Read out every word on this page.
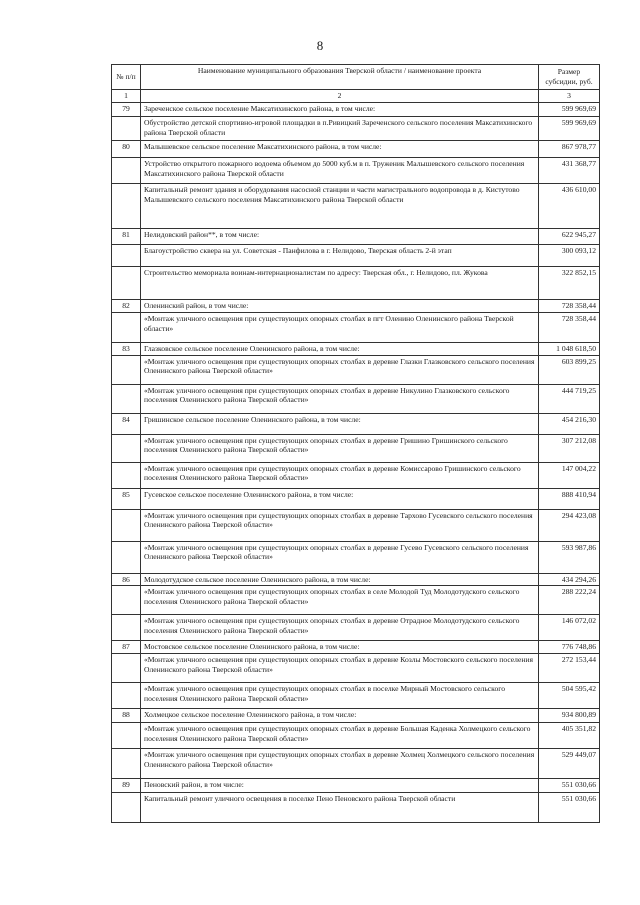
8
№ п/п	Наименование муниципального образования Тверской области / наименование проекта	Размер субсидии, руб.
1	2	3
79	Зареченское сельское поселение Максатихинского района, в том числе:	599 969,69
	Обустройство детской спортивно-игровой площадки в п.Ривицкий Зареченского сельского поселения Максатихинского района Тверской области	599 969,69
80	Малышевское сельское поселение Максатихинского района, в том числе:	867 978,77
	Устройство открытого пожарного водоема объемом до 5000 куб.м в п. Труженик Малышевского сельского поселения Максатихинского района Тверской области	431 368,77
	Капитальный ремонт здания и оборудования насосной станции и части магистрального водопровода в д. Кистутово Малышевского сельского поселения Максатихинского района Тверской области	436 610,00
81	Нелидовский район**, в том числе:	622 945,27
	Благоустройство сквера на ул. Советская - Панфилова в г. Нелидово, Тверская область 2-й этап	300 093,12
	Строительство мемориала воинам-интернационалистам по адресу: Тверская обл., г. Нелидово, пл. Жукова	322 852,15
82	Оленинский район, в том числе:	728 358,44
	«Монтаж уличного освещения при существующих опорных столбах в пгт Оленино Оленинского района Тверской области»	728 358,44
83	Глазковское сельское поселение Оленинского района, в том числе:	1 048 618,50
	«Монтаж уличного освещения при существующих опорных столбах в деревне Глазки Глазковского сельского поселения Оленинского района Тверской области»	603 899,25
	«Монтаж уличного освещения при существующих опорных столбах в деревне Никулино Глазковского сельского поселения Оленинского района Тверской области»	444 719,25
84	Гришинское сельское поселение Оленинского района, в том числе:	454 216,30
	«Монтаж уличного освещения при существующих опорных столбах в деревне Гришино Гришинского сельского поселения Оленинского района Тверской области»	307 212,08
	«Монтаж уличного освещения при существующих опорных столбах в деревне Комиссарово Гришинского сельского поселения Оленинского района Тверской области»	147 004,22
85	Гусевское сельское поселение Оленинского района, в том числе:	888 410,94
	«Монтаж уличного освещения при существующих опорных столбах в деревне Тархово Гусевского сельского поселения Оленинского района Тверской области»	294 423,08
	«Монтаж уличного освещения при существующих опорных столбах в деревне Гусево Гусевского сельского поселения Оленинского района Тверской области»	593 987,86
86	Молодотудское сельское поселение Оленинского района, в том числе:	434 294,26
	«Монтаж уличного освещения при существующих опорных столбах в селе Молодой Туд Молодотудского сельского поселения Оленинского района Тверской области»	288 222,24
	«Монтаж уличного освещения при существующих опорных столбах в деревне Отрадное Молодотудского сельского поселения Оленинского района Тверской области»	146 072,02
87	Мостовское сельское поселение Оленинского района, в том числе:	776 748,86
	«Монтаж уличного освещения при существующих опорных столбах в деревне Козлы Мостовского сельского поселения Оленинского района Тверской области»	272 153,44
	«Монтаж уличного освещения при существующих опорных столбах в поселке Мирный Мостовского сельского поселения Оленинского района Тверской области»	504 595,42
88	Холмецкое сельское поселение Оленинского района, в том числе:	934 800,89
	«Монтаж уличного освещения при существующих опорных столбах в деревне Большая Каденка Холмецкого сельского поселения Оленинского района Тверской области»	405 351,82
	«Монтаж уличного освещения при существующих опорных столбах в деревне Холмец Холмецкого сельского поселения Оленинского района Тверской области»	529 449,07
89	Пеновский район, в том числе:	551 030,66
	Капитальный ремонт уличного освещения в поселке Пено Пеновского района Тверской области	551 030,66
